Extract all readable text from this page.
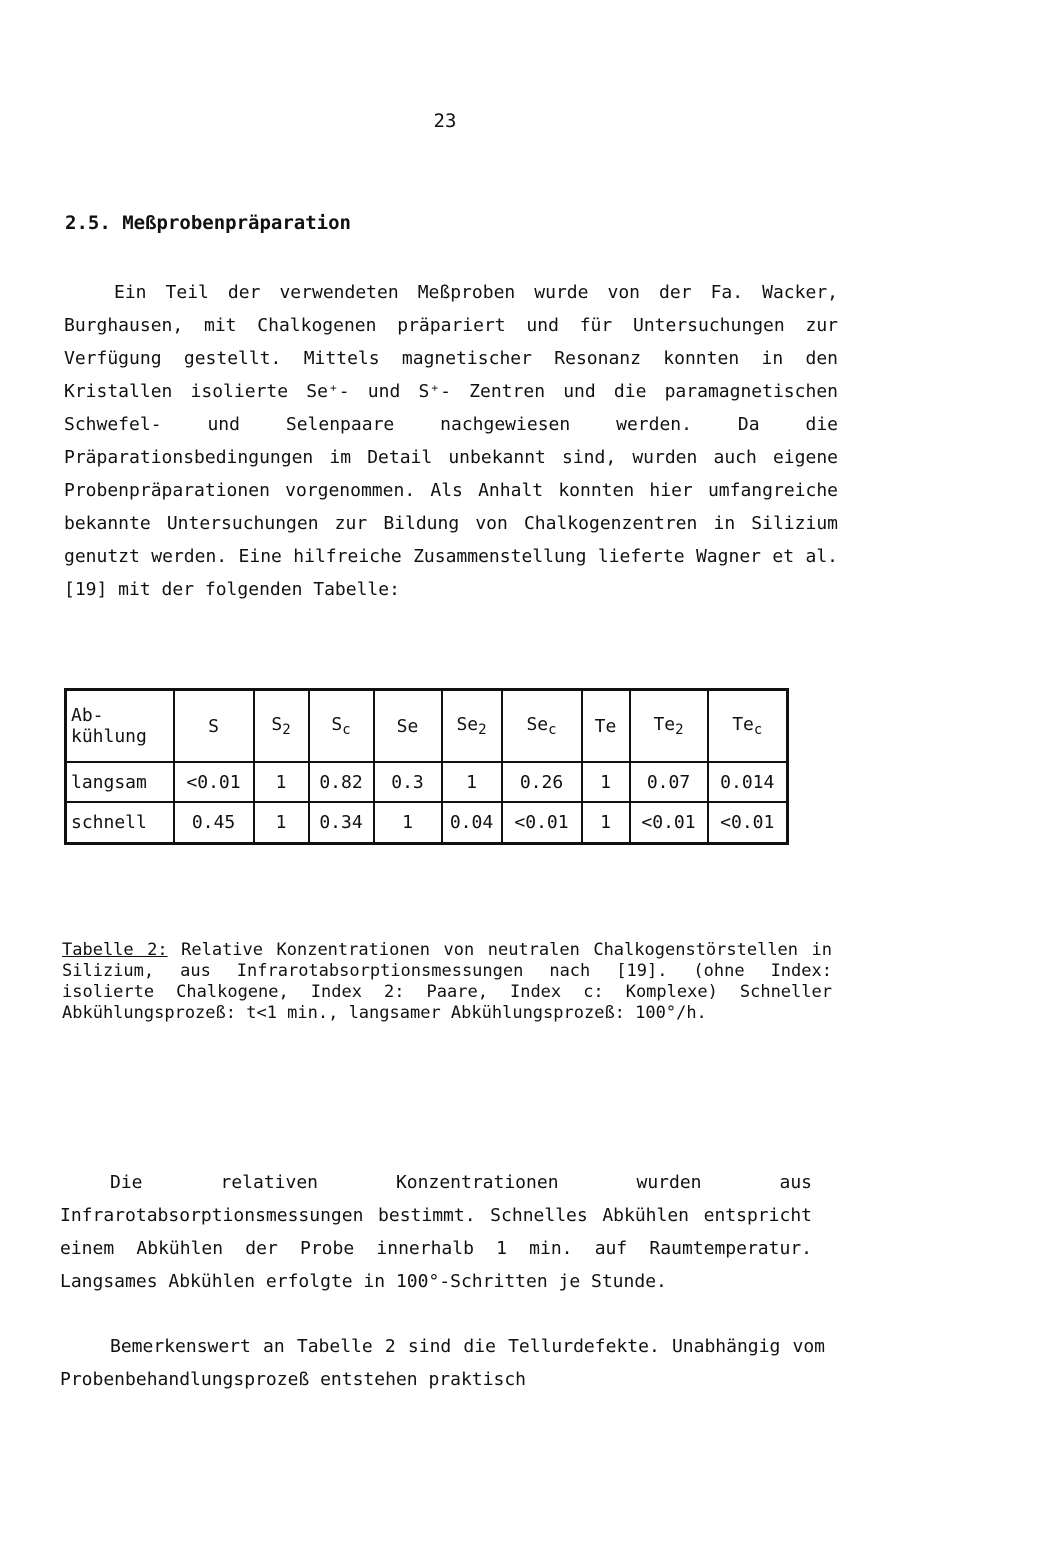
23
2.5. Meßprobenpräparation

Ein Teil der verwendeten Meßproben wurde von der Fa. Wacker, Burghausen, mit Chalkogenen präpariert und für Untersuchungen zur Verfügung gestellt. Mittels magnetischer Resonanz konnten in den Kristallen isolierte Se⁺- und S⁺- Zentren und die paramagnetischen Schwefel- und Selenpaare nachgewiesen werden. Da die Präparationsbedingungen im Detail unbekannt sind, wurden auch eigene Probenpräparationen vorgenommen. Als Anhalt konnten hier umfangreiche bekannte Untersuchungen zur Bildung von Chalkogenzentren in Silizium genutzt werden. Eine hilfreiche Zusammenstellung lieferte Wagner et al. [19] mit der folgenden Tabelle:

Ab-kühlung	S	$S_2$	$S_c$	Se	$Se_2$	$Se_c$	Te	$Te_2$	$Te_c$
langsam	<0.01	1	0.82	0.3	1	0.26	1	0.07	0.014
schnell	0.45	1	0.34	1	0.04	<0.01	1	<0.01	<0.01

Tabelle 2: Relative Konzentrationen von neutralen Chalkogenstörstellen in Silizium, aus Infrarotabsorptionsmessungen nach [19]. (ohne Index: isolierte Chalkogene, Index 2: Paare, Index c: Komplexe) Schneller Abkühlungsprozeß: t<1 min., langsamer Abkühlungsprozeß: 100°/h.

Die relativen Konzentrationen wurden aus Infrarotabsorptionsmessungen bestimmt. Schnelles Abkühlen entspricht einem Abkühlen der Probe innerhalb 1 min. auf Raumtemperatur. Langsames Abkühlen erfolgte in 100°-Schritten je Stunde.

Bemerkenswert an Tabelle 2 sind die Tellurdefekte. Unabhängig vom Probenbehandlungsprozeß entstehen praktisch
